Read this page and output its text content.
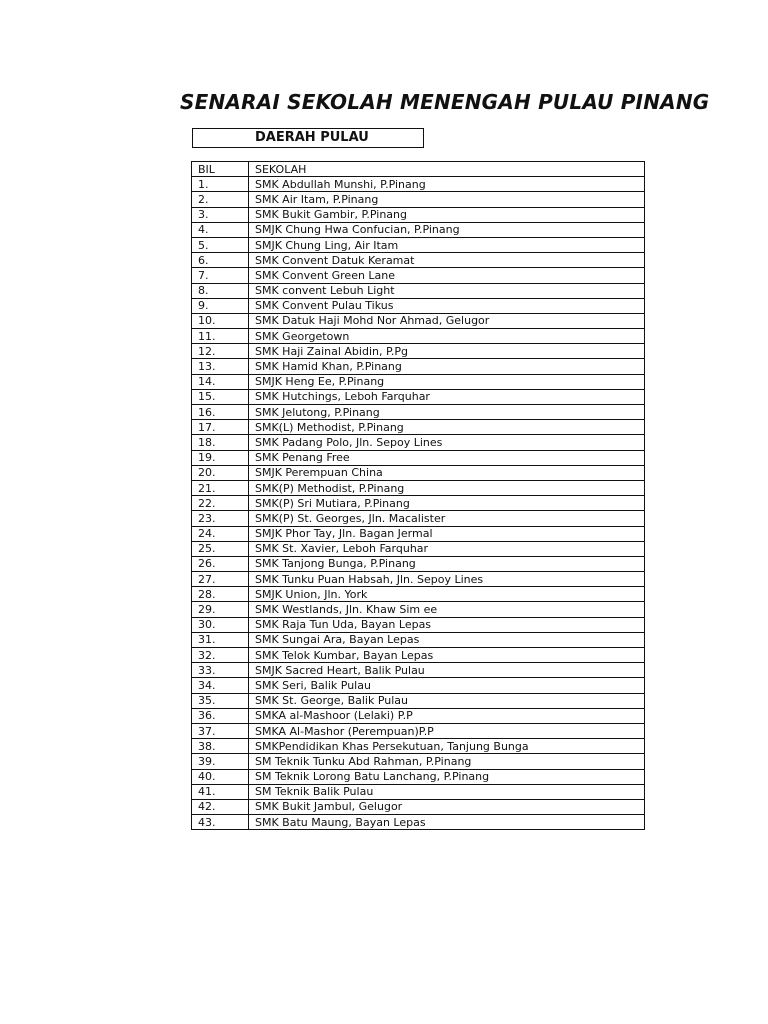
SENARAI SEKOLAH MENENGAH PULAU PINANG
DAERAH PULAU
BIL	SEKOLAH
1.	SMK Abdullah Munshi, P.Pinang
2.	SMK Air Itam, P.Pinang
3.	SMK Bukit Gambir, P.Pinang
4.	SMJK Chung Hwa Confucian, P.Pinang
5.	SMJK Chung Ling, Air Itam
6.	SMK Convent Datuk Keramat
7.	SMK Convent Green Lane
8.	SMK convent Lebuh Light
9.	SMK Convent Pulau Tikus
10.	SMK Datuk Haji Mohd Nor Ahmad, Gelugor
11.	SMK Georgetown
12.	SMK Haji Zainal Abidin, P.Pg
13.	SMK Hamid Khan, P.Pinang
14.	SMJK Heng Ee, P.Pinang
15.	SMK Hutchings, Leboh Farquhar
16.	SMK Jelutong, P.Pinang
17.	SMK(L) Methodist, P.Pinang
18.	SMK Padang Polo, Jln. Sepoy Lines
19.	SMK Penang Free
20.	SMJK Perempuan China
21.	SMK(P) Methodist, P.Pinang
22.	SMK(P) Sri Mutiara, P.Pinang
23.	SMK(P) St. Georges, Jln. Macalister
24.	SMJK Phor Tay, Jln. Bagan Jermal
25.	SMK St. Xavier, Leboh Farquhar
26.	SMK Tanjong Bunga, P.Pinang
27.	SMK Tunku Puan Habsah, Jln. Sepoy Lines
28.	SMJK Union, Jln. York
29.	SMK Westlands, Jln. Khaw Sim ee
30.	SMK Raja Tun Uda, Bayan Lepas
31.	SMK Sungai Ara, Bayan Lepas
32.	SMK Telok Kumbar, Bayan Lepas
33.	SMJK Sacred Heart, Balik Pulau
34.	SMK Seri, Balik Pulau
35.	SMK St. George, Balik Pulau
36.	SMKA al-Mashoor (Lelaki) P.P
37.	SMKA Al-Mashor (Perempuan)P.P
38.	SMKPendidikan Khas Persekutuan, Tanjung Bunga
39.	SM Teknik Tunku Abd Rahman, P.Pinang
40.	SM Teknik Lorong Batu Lanchang, P.Pinang
41.	SM Teknik Balik Pulau
42.	SMK Bukit Jambul, Gelugor
43.	SMK Batu Maung, Bayan Lepas
